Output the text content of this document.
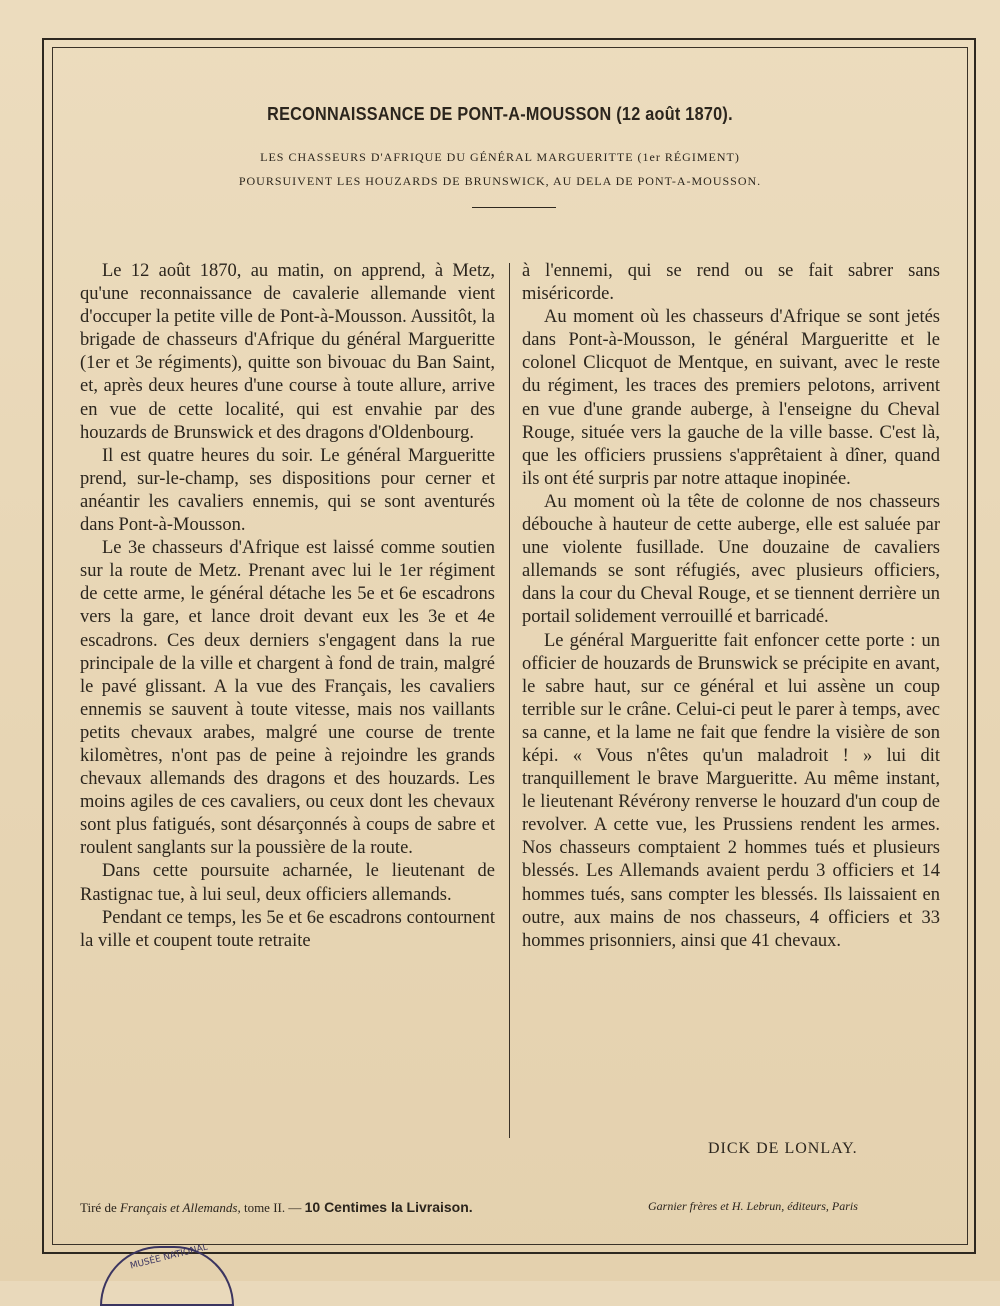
RECONNAISSANCE DE PONT-A-MOUSSON (12 août 1870).
LES CHASSEURS D'AFRIQUE DU GÉNÉRAL MARGUERITTE (1er RÉGIMENT)
POURSUIVENT LES HOUZARDS DE BRUNSWICK, AU DELA DE PONT-A-MOUSSON.

Le 12 août 1870, au matin, on apprend, à Metz, qu'une reconnaissance de cavalerie allemande vient d'occuper la petite ville de Pont-à-Mousson. Aussitôt, la brigade de chasseurs d'Afrique du général Margueritte (1er et 3e régiments), quitte son bivouac du Ban Saint, et, après deux heures d'une course à toute allure, arrive en vue de cette localité, qui est envahie par des houzards de Brunswick et des dragons d'Oldenbourg.

Il est quatre heures du soir. Le général Margueritte prend, sur-le-champ, ses dispositions pour cerner et anéantir les cavaliers ennemis, qui se sont aventurés dans Pont-à-Mousson.

Le 3e chasseurs d'Afrique est laissé comme soutien sur la route de Metz. Prenant avec lui le 1er régiment de cette arme, le général détache les 5e et 6e escadrons vers la gare, et lance droit devant eux les 3e et 4e escadrons. Ces deux derniers s'engagent dans la rue principale de la ville et chargent à fond de train, malgré le pavé glissant. A la vue des Français, les cavaliers ennemis se sauvent à toute vitesse, mais nos vaillants petits chevaux arabes, malgré une course de trente kilomètres, n'ont pas de peine à rejoindre les grands chevaux allemands des dragons et des houzards. Les moins agiles de ces cavaliers, ou ceux dont les chevaux sont plus fatigués, sont désarçonnés à coups de sabre et roulent sanglants sur la poussière de la route.

Dans cette poursuite acharnée, le lieutenant de Rastignac tue, à lui seul, deux officiers allemands.

Pendant ce temps, les 5e et 6e escadrons contournent la ville et coupent toute retraite

à l'ennemi, qui se rend ou se fait sabrer sans miséricorde.

Au moment où les chasseurs d'Afrique se sont jetés dans Pont-à-Mousson, le général Margueritte et le colonel Clicquot de Mentque, en suivant, avec le reste du régiment, les traces des premiers pelotons, arrivent en vue d'une grande auberge, à l'enseigne du Cheval Rouge, située vers la gauche de la ville basse. C'est là, que les officiers prussiens s'apprêtaient à dîner, quand ils ont été surpris par notre attaque inopinée.

Au moment où la tête de colonne de nos chasseurs débouche à hauteur de cette auberge, elle est saluée par une violente fusillade. Une douzaine de cavaliers allemands se sont réfugiés, avec plusieurs officiers, dans la cour du Cheval Rouge, et se tiennent derrière un portail solidement verrouillé et barricadé.

Le général Margueritte fait enfoncer cette porte : un officier de houzards de Brunswick se précipite en avant, le sabre haut, sur ce général et lui assène un coup terrible sur le crâne. Celui-ci peut le parer à temps, avec sa canne, et la lame ne fait que fendre la visière de son képi. « Vous n'êtes qu'un maladroit ! » lui dit tranquillement le brave Margueritte. Au même instant, le lieutenant Révérony renverse le houzard d'un coup de revolver. A cette vue, les Prussiens rendent les armes. Nos chasseurs comptaient 2 hommes tués et plusieurs blessés. Les Allemands avaient perdu 3 officiers et 14 hommes tués, sans compter les blessés. Ils laissaient en outre, aux mains de nos chasseurs, 4 officiers et 33 hommes prisonniers, ainsi que 41 chevaux.

DICK DE LONLAY.
Tiré de Français et Allemands, tome II. — 10 Centimes la Livraison.	Garnier frères et H. Lebrun, éditeurs, Paris
MUSÉE NATIONAL
